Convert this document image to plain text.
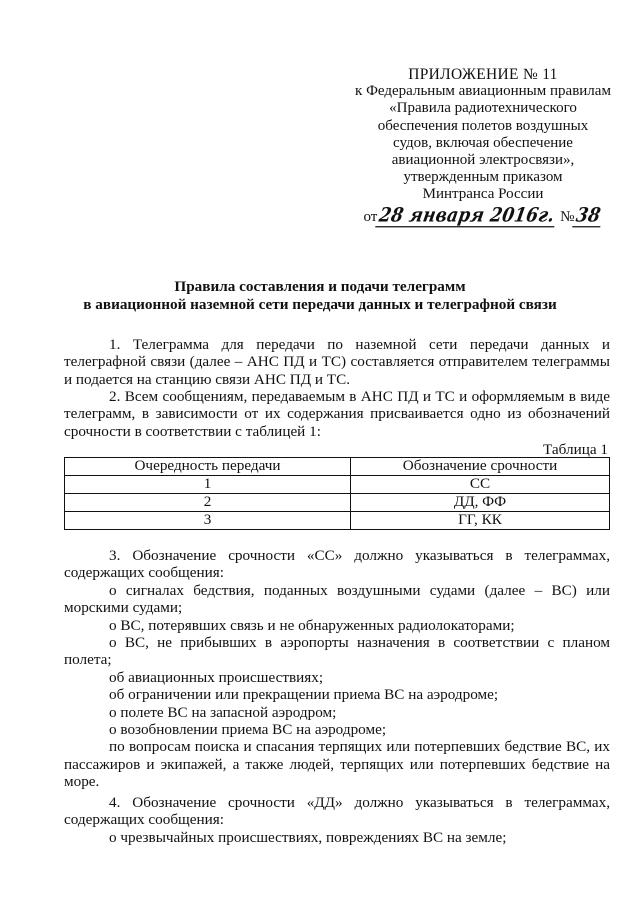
ПРИЛОЖЕНИЕ № 11
к Федеральным авиационным правилам
«Правила радиотехнического
обеспечения полетов воздушных
судов, включая обеспечение
авиационной электросвязи»,
утвержденным приказом
Минтранса России
от28 января 2016г. №38
Правила составления и подачи телеграмм
в авиационной наземной сети передачи данных и телеграфной связи

1. Телеграмма для передачи по наземной сети передачи данных и телеграфной связи (далее – АНС ПД и ТС) составляется отправителем телеграммы и подается на станцию связи АНС ПД и ТС.

2. Всем сообщениям, передаваемым в АНС ПД и ТС и оформляемым в виде телеграмм, в зависимости от их содержания присваивается одно из обозначений срочности в соответствии с таблицей 1:

Таблица 1
Очередность передачи	Обозначение срочности
1	СС
2	ДД, ФФ
3	ГГ, КК

3. Обозначение срочности «СС» должно указываться в телеграммах, содержащих сообщения:

о сигналах бедствия, поданных воздушными судами (далее – ВС) или морскими судами;

о ВС, потерявших связь и не обнаруженных радиолокаторами;

о ВС, не прибывших в аэропорты назначения в соответствии с планом полета;

об авиационных происшествиях;

об ограничении или прекращении приема ВС на аэродроме;

о полете ВС на запасной аэродром;

о возобновлении приема ВС на аэродроме;

по вопросам поиска и спасания терпящих или потерпевших бедствие ВС, их пассажиров и экипажей, а также людей, терпящих или потерпевших бедствие на море.

4. Обозначение срочности «ДД» должно указываться в телеграммах, содержащих сообщения:

о чрезвычайных происшествиях, повреждениях ВС на земле;
